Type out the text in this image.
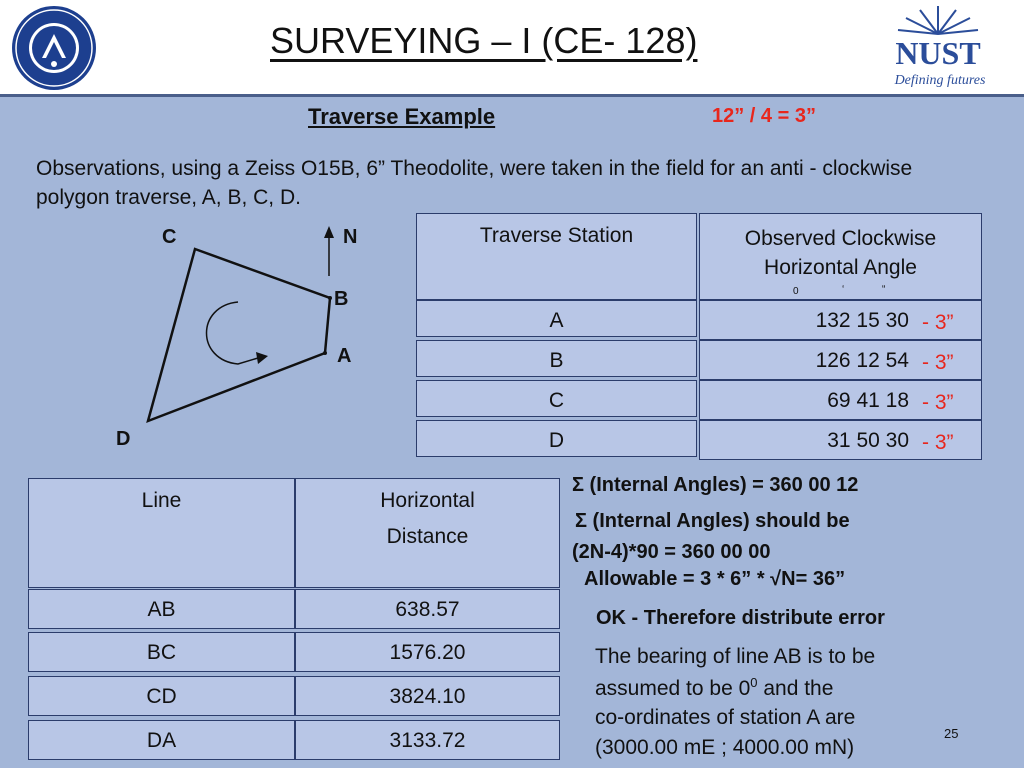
NUST
Defining futures
SURVEYING – I (CE- 128)
Traverse Example	12” / 4 = 3”
Observations, using a Zeiss O15B, 6” Theodolite, were taken in the field for an anti - clockwise polygon traverse, A, B, C, D.
C	N
B
A
D
Traverse Station	Observed Clockwise Horizontal Angle
0	‘	“
A	132 15 30 - 3”
B	126 12 54 - 3”
C	69 41 18 - 3”
D	31 50 30 - 3”
Line	Horizontal
Distance
AB	638.57
BC	1576.20
CD	3824.10
DA	3133.72
Σ (Internal Angles) = 360 00 12
Σ (Internal Angles) should be
(2N-4)*90 = 360 00 00
Allowable = 3 * 6” * √N= 36”
OK - Therefore distribute error
The bearing of line AB is to be
assumed to be $0^0$ and the
co-ordinates of station A are
(3000.00 mE ; 4000.00 mN)
25
